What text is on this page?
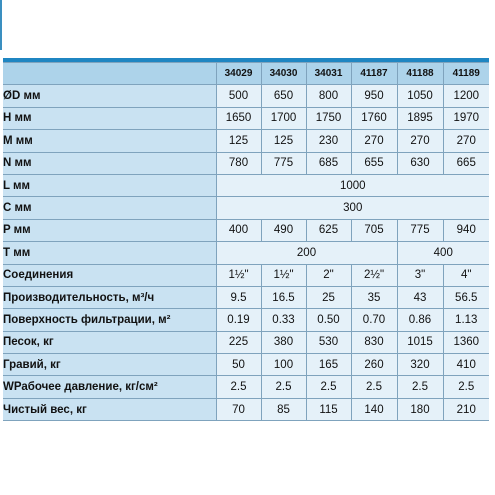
	34029	34030	34031	41187	41188	41189
ØD мм	500	650	800	950	1050	1200
H мм	1650	1700	1750	1760	1895	1970
M мм	125	125	230	270	270	270
N мм	780	775	685	655	630	665
L мм	1000					
C мм	300					
P мм	400	490	625	705	775	940
T мм	200				400	
Соединения	1½"	1½"	2"	2½"	3"	4"
Производительность, м³/ч	9.5	16.5	25	35	43	56.5
Поверхность фильтрации, м²	0.19	0.33	0.50	0.70	0.86	1.13
Песок, кг	225	380	530	830	1015	1360
Гравий, кг	50	100	165	260	320	410
WРабочее давление, кг/см²	2.5	2.5	2.5	2.5	2.5	2.5
Чистый вес, кг	70	85	115	140	180	210
